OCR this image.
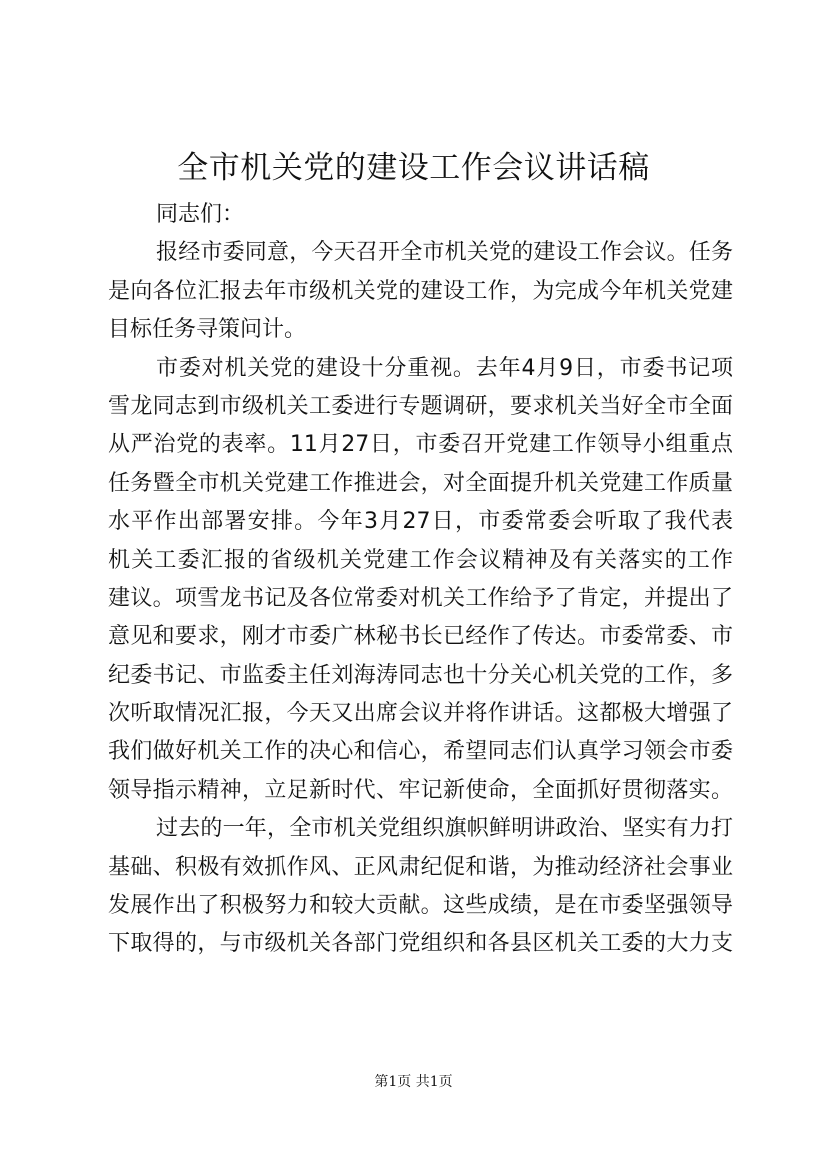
全市机关党的建设工作会议讲话稿
同志们：
报经市委同意，今天召开全市机关党的建设工作会议。任务
是向各位汇报去年市级机关党的建设工作，为完成今年机关党建
目标任务寻策问计。
市委对机关党的建设十分重视。去年4月9日，市委书记项
雪龙同志到市级机关工委进行专题调研，要求机关当好全市全面
从严治党的表率。11月27日，市委召开党建工作领导小组重点
任务暨全市机关党建工作推进会，对全面提升机关党建工作质量
水平作出部署安排。今年3月27日，市委常委会听取了我代表
机关工委汇报的省级机关党建工作会议精神及有关落实的工作
建议。项雪龙书记及各位常委对机关工作给予了肯定，并提出了
意见和要求，刚才市委广林秘书长已经作了传达。市委常委、市
纪委书记、市监委主任刘海涛同志也十分关心机关党的工作，多
次听取情况汇报，今天又出席会议并将作讲话。这都极大增强了
我们做好机关工作的决心和信心，希望同志们认真学习领会市委
领导指示精神，立足新时代、牢记新使命，全面抓好贯彻落实。
过去的一年，全市机关党组织旗帜鲜明讲政治、坚实有力打
基础、积极有效抓作风、正风肃纪促和谐，为推动经济社会事业
发展作出了积极努力和较大贡献。这些成绩，是在市委坚强领导
下取得的，与市级机关各部门党组织和各县区机关工委的大力支
第1页 共1页
